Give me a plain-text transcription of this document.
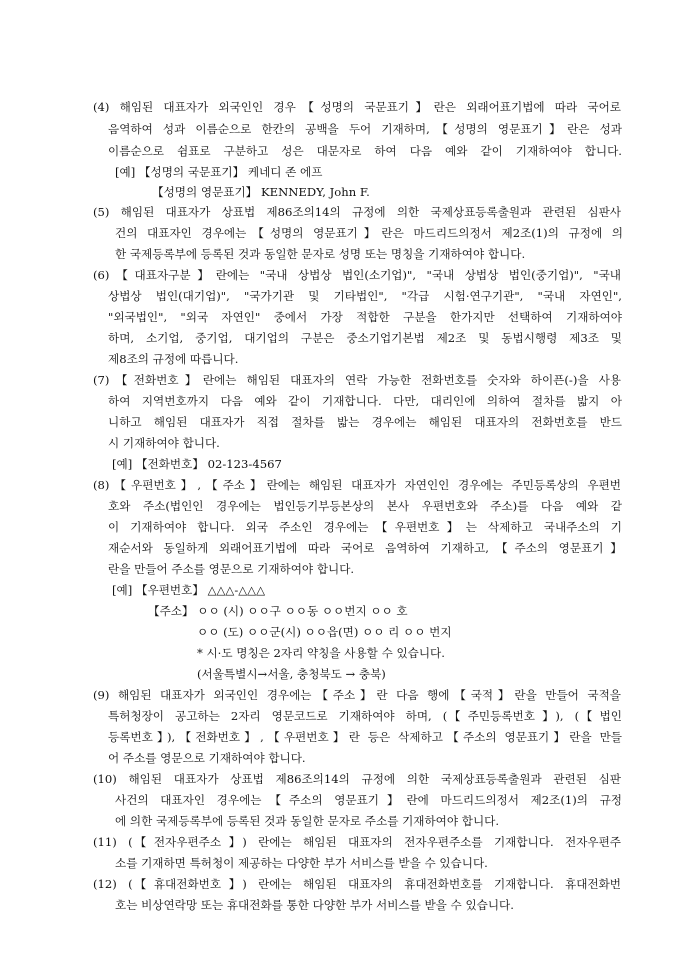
(4) 해임된 대표자가 외국인인 경우【성명의 국문표기】란은 외래어표기법에 따라 국어로
음역하여 성과 이름순으로 한칸의 공백을 두어 기재하며,【성명의 영문표기】란은 성과
이름순으로 쉼표로 구분하고 성은 대문자로 하여 다음 예와 같이 기재하여야 합니다.
[예] 【성명의 국문표기】 케네디 존 에프
【성명의 영문표기】 KENNEDY, John F.
(5) 해임된 대표자가 상표법 제86조의14의 규정에 의한 국제상표등록출원과 관련된 심판사
건의 대표자인 경우에는【성명의 영문표기】란은 마드리드의정서 제2조(1)의 규정에 의
한 국제등록부에 등록된 것과 동일한 문자로 성명 또는 명칭을 기재하여야 합니다.
(6)【대표자구분】란에는 "국내 상법상 법인(소기업)", "국내 상법상 법인(중기업)", "국내
상법상 법인(대기업)", "국가기관 및 기타법인", "각급 시험·연구기관", "국내 자연인",
"외국법인", "외국 자연인" 중에서 가장 적합한 구분을 한가지만 선택하여 기재하여야
하며, 소기업, 중기업, 대기업의 구분은 중소기업기본법 제2조 및 동법시행령 제3조 및
제8조의 규정에 따릅니다.
(7)【전화번호】란에는 해임된 대표자의 연락 가능한 전화번호를 숫자와 하이픈(-)을 사용
하여 지역번호까지 다음 예와 같이 기재합니다. 다만, 대리인에 의하여 절차를 밟지 아
니하고 해임된 대표자가 직접 절차를 밟는 경우에는 해임된 대표자의 전화번호를 반드
시 기재하여야 합니다.
[예] 【전화번호】 02-123-4567
(8)【우편번호】,【주소】란에는 해임된 대표자가 자연인인 경우에는 주민등록상의 우편번
호와 주소(법인인 경우에는 법인등기부등본상의 본사 우편번호와 주소)를 다음 예와 같
이 기재하여야 합니다. 외국 주소인 경우에는【우편번호】는 삭제하고 국내주소의 기
재순서와 동일하게 외래어표기법에 따라 국어로 음역하여 기재하고,【주소의 영문표기】
란을 만들어 주소를 영문으로 기재하여야 합니다.
[예] 【우편번호】 △△△-△△△
【주소】 ㅇㅇ (시) ㅇㅇ구 ㅇㅇ동 ㅇㅇ번지 ㅇㅇ 호
ㅇㅇ (도) ㅇㅇ군(시) ㅇㅇ읍(면) ㅇㅇ 리 ㅇㅇ 번지
* 시·도 명칭은 2자리 약칭을 사용할 수 있습니다.
(서울특별시→서울, 충청북도 → 충북)
(9) 해임된 대표자가 외국인인 경우에는【주소】란 다음 행에【국적】란을 만들어 국적을
특허청장이 공고하는 2자리 영문코드로 기재하여야 하며, (【주민등록번호】), (【법인
등록번호】),【전화번호】,【우편번호】란 등은 삭제하고【주소의 영문표기】란을 만들
어 주소를 영문으로 기재하여야 합니다.
(10) 해임된 대표자가 상표법 제86조의14의 규정에 의한 국제상표등록출원과 관련된 심판
사건의 대표자인 경우에는【주소의 영문표기】란에 마드리드의정서 제2조(1)의 규정
에 의한 국제등록부에 등록된 것과 동일한 문자로 주소를 기재하여야 합니다.
(11) (【전자우편주소】) 란에는 해임된 대표자의 전자우편주소를 기재합니다. 전자우편주
소를 기재하면 특허청이 제공하는 다양한 부가 서비스를 받을 수 있습니다.
(12) (【휴대전화번호】) 란에는 해임된 대표자의 휴대전화번호를 기재합니다. 휴대전화번
호는 비상연락망 또는 휴대전화를 통한 다양한 부가 서비스를 받을 수 있습니다.
